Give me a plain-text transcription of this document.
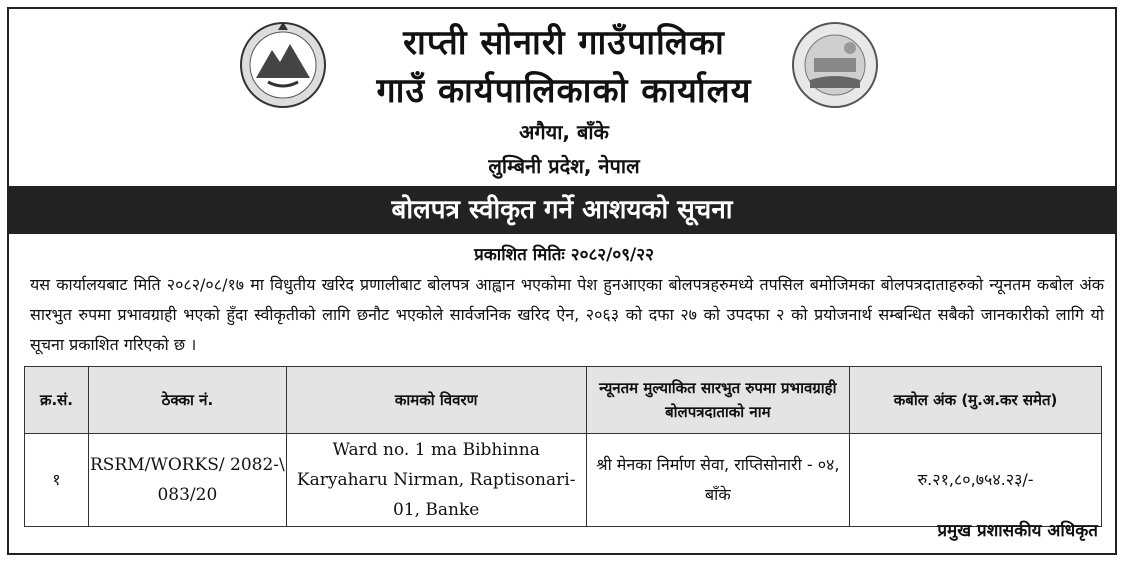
राप्ती सोनारी गाउँपालिका
गाउँ कार्यपालिकाको कार्यालय
अगैया, बाँके
लुम्बिनी प्रदेश, नेपाल
बोलपत्र स्वीकृत गर्ने आशयको सूचना
प्रकाशित मितिः २०८२/०९/२२
यस कार्यालयबाट मिति २०८२/०८/१७ मा विधुतीय खरिद प्रणालीबाट बोलपत्र आह्वान भएकोमा पेश हुनआएका बोलपत्रहरुमध्ये तपसिल बमोजिमका बोलपत्रदाताहरुको न्यूनतम कबोल अंक सारभुत रुपमा प्रभावग्राही भएको हुँदा स्वीकृतीको लागि छनौट भएकोले सार्वजनिक खरिद ऐन, २०६३ को दफा २७ को उपदफा २ को प्रयोजनार्थ सम्बन्धित सबैको जानकारीको लागि यो सूचना प्रकाशित गरिएको छ ।
क्र.सं.	ठेक्का नं.	कामको विवरण	न्यूनतम मुल्याकित सारभुत रुपमा प्रभावग्राही बोलपत्रदाताको नाम	कबोल अंक (मु.अ.कर समेत)
१	RSRM/WORKS/ 2082-\ 083/20	Ward no. 1 ma Bibhinna Karyaharu Nirman, Raptisonari-01, Banke	श्री मेनका निर्माण सेवा, राप्तिसोनारी - ०४, बाँके	रु.२१,८०,७५४.२३/-
प्रमुख प्रशासकीय अधिकृत
